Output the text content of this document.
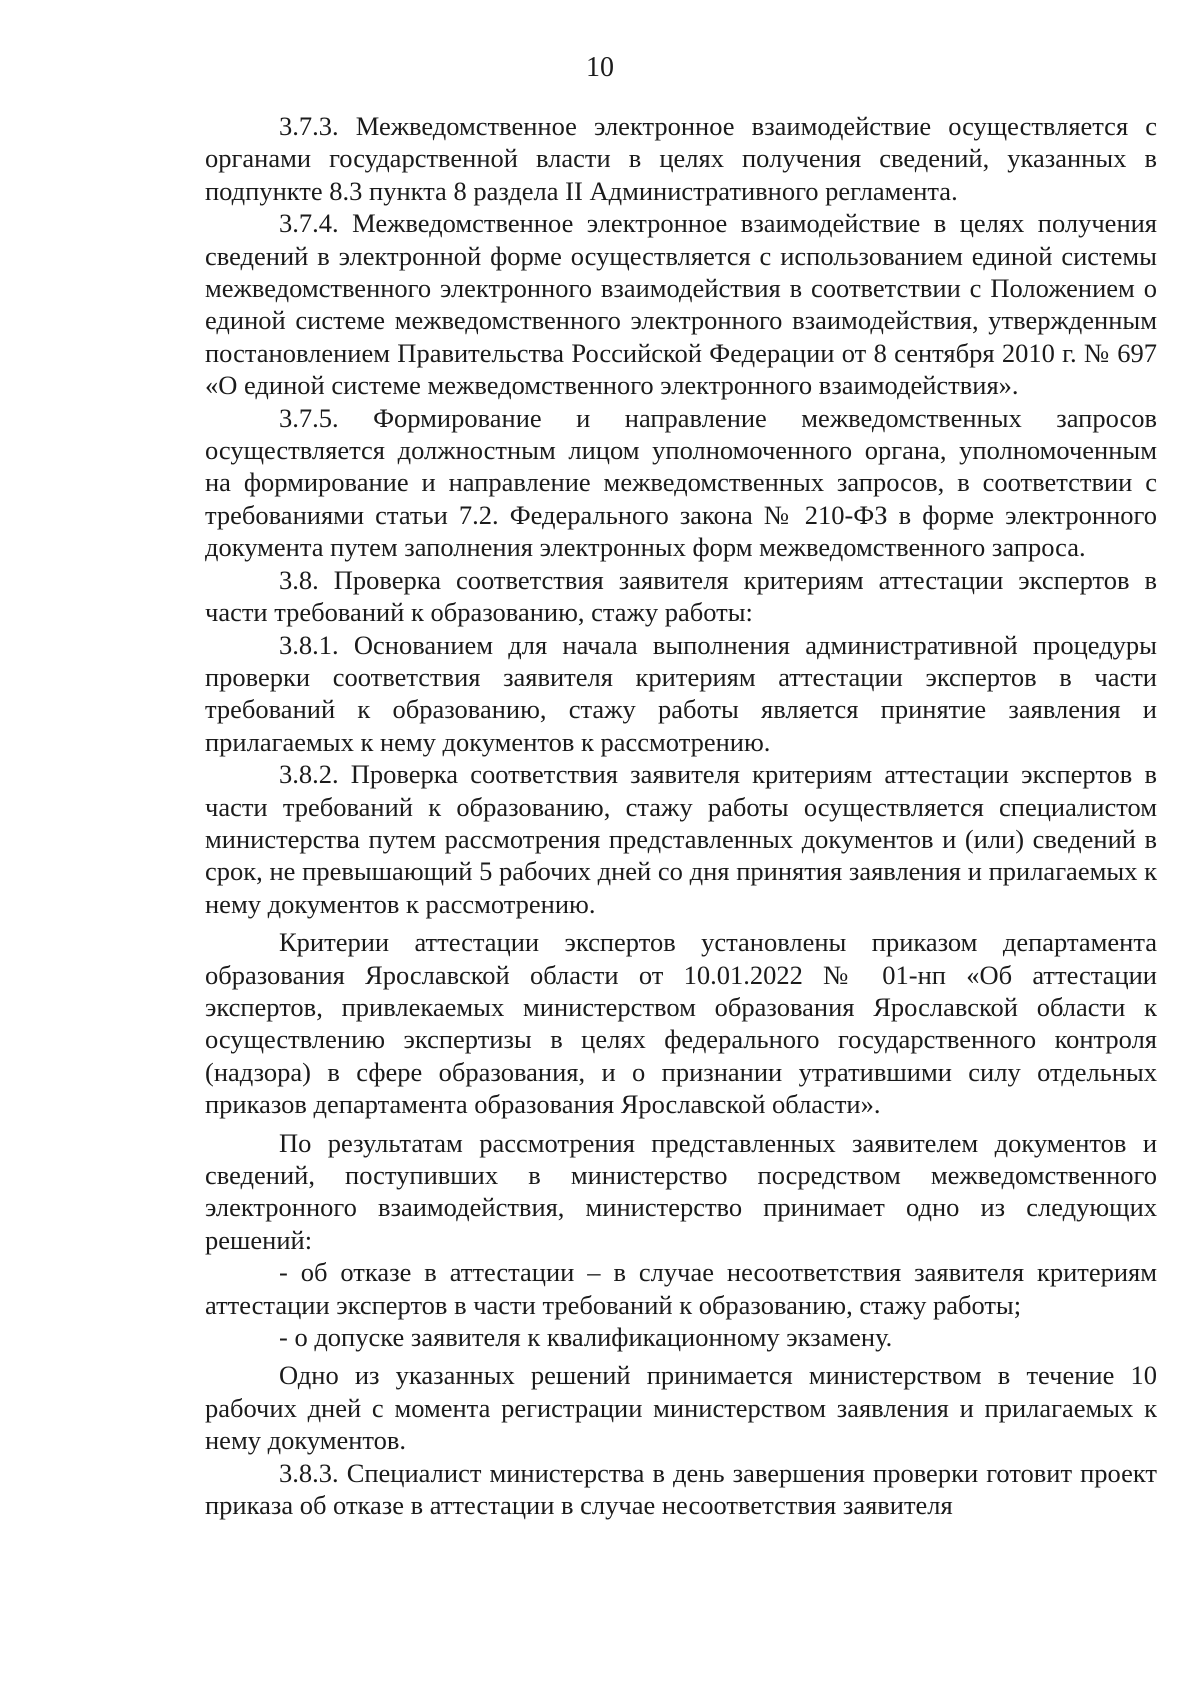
10

3.7.3. Межведомственное электронное взаимодействие осуществляется с органами государственной власти в целях получения сведений, указанных в подпункте 8.3 пункта 8 раздела II Административного регламента.

3.7.4. Межведомственное электронное взаимодействие в целях получения сведений в электронной форме осуществляется с использованием единой системы межведомственного электронного взаимодействия в соответствии с Положением о единой системе межведомственного электронного взаимодействия, утвержденным постановлением Правительства Российской Федерации от 8 сентября 2010 г. № 697 «О единой системе межведомственного электронного взаимодействия».

3.7.5. Формирование и направление межведомственных запросов осуществляется должностным лицом уполномоченного органа, уполномоченным на формирование и направление межведомственных запросов, в соответствии с требованиями статьи 7.2. Федерального закона № 210-ФЗ в форме электронного документа путем заполнения электронных форм межведомственного запроса.

3.8. Проверка соответствия заявителя критериям аттестации экспертов в части требований к образованию, стажу работы:

3.8.1. Основанием для начала выполнения административной процедуры проверки соответствия заявителя критериям аттестации экспертов в части требований к образованию, стажу работы является принятие заявления и прилагаемых к нему документов к рассмотрению.

3.8.2. Проверка соответствия заявителя критериям аттестации экспертов в части требований к образованию, стажу работы осуществляется специалистом министерства путем рассмотрения представленных документов и (или) сведений в срок, не превышающий 5 рабочих дней со дня принятия заявления и прилагаемых к нему документов к рассмотрению.

Критерии аттестации экспертов установлены приказом департамента образования Ярославской области от 10.01.2022 № 01-нп «Об аттестации экспертов, привлекаемых министерством образования Ярославской области к осуществлению экспертизы в целях федерального государственного контроля (надзора) в сфере образования, и о признании утратившими силу отдельных приказов департамента образования Ярославской области».

По результатам рассмотрения представленных заявителем документов и сведений, поступивших в министерство посредством межведомственного электронного взаимодействия, министерство принимает одно из следующих решений:

- об отказе в аттестации – в случае несоответствия заявителя критериям аттестации экспертов в части требований к образованию, стажу работы;

- о допуске заявителя к квалификационному экзамену.

Одно из указанных решений принимается министерством в течение 10 рабочих дней с момента регистрации министерством заявления и прилагаемых к нему документов.

3.8.3. Специалист министерства в день завершения проверки готовит проект приказа об отказе в аттестации в случае несоответствия заявителя
